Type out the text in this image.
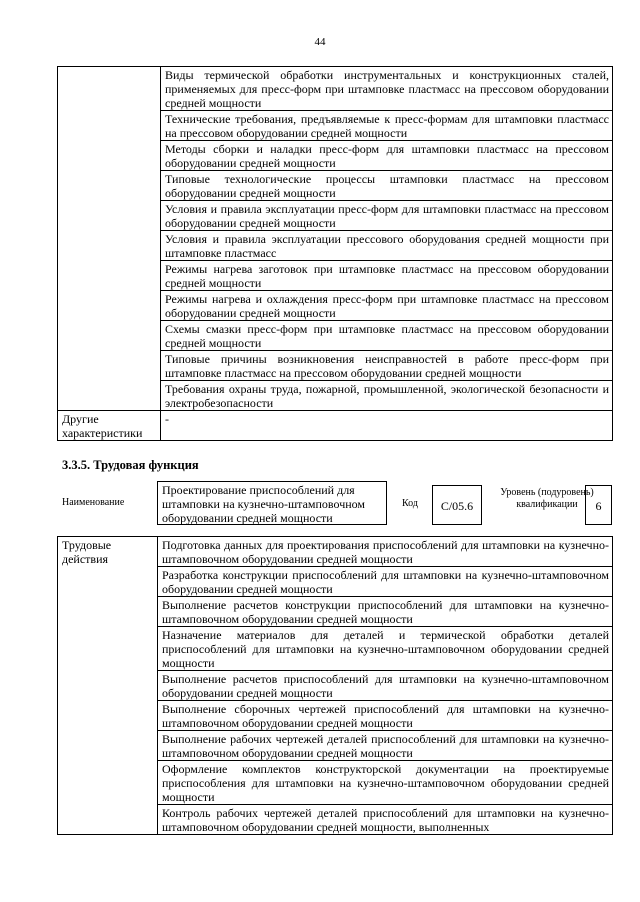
44
	Виды термической обработки инструментальных и конструкционных сталей, применяемых для пресс-форм при штамповке пластмасс на прессовом оборудовании средней мощности
	Технические требования, предъявляемые к пресс-формам для штамповки пластмасс на прессовом оборудовании средней мощности
	Методы сборки и наладки пресс-форм для штамповки пластмасс на прессовом оборудовании средней мощности
	Типовые технологические процессы штамповки пластмасс на прессовом оборудовании средней мощности
	Условия и правила эксплуатации пресс-форм для штамповки пластмасс на прессовом оборудовании средней мощности
	Условия и правила эксплуатации прессового оборудования средней мощности при штамповке пластмасс
	Режимы нагрева заготовок при штамповке пластмасс на прессовом оборудовании средней мощности
	Режимы нагрева и охлаждения пресс-форм при штамповке пластмасс на прессовом оборудовании средней мощности
	Схемы смазки пресс-форм при штамповке пластмасс на прессовом оборудовании средней мощности
	Типовые причины возникновения неисправностей в работе пресс-форм при штамповке пластмасс на прессовом оборудовании средней мощности
	Требования охраны труда, пожарной, промышленной, экологической безопасности и электробезопасности
Другие характеристики	-
3.3.5. Трудовая функция
Наименование
Проектирование приспособлений для штамповки на кузнечно-штамповочном оборудовании средней мощности
Код	С/05.6
Уровень (подуровень) квалификации	6
Трудовые действия	Подготовка данных для проектирования приспособлений для штамповки на кузнечно-штамповочном оборудовании средней мощности
Разработка конструкции приспособлений для штамповки на кузнечно-штамповочном оборудовании средней мощности
Выполнение расчетов конструкции приспособлений для штамповки на кузнечно-штамповочном оборудовании средней мощности
Назначение материалов для деталей и термической обработки деталей приспособлений для штамповки на кузнечно-штамповочном оборудовании средней мощности
Выполнение расчетов приспособлений для штамповки на кузнечно-штамповочном оборудовании средней мощности
Выполнение сборочных чертежей приспособлений для штамповки на кузнечно-штамповочном оборудовании средней мощности
Выполнение рабочих чертежей деталей приспособлений для штамповки на кузнечно-штамповочном оборудовании средней мощности
Оформление комплектов конструкторской документации на проектируемые приспособления для штамповки на кузнечно-штамповочном оборудовании средней мощности
Контроль рабочих чертежей деталей приспособлений для штамповки на кузнечно-штамповочном оборудовании средней мощности, выполненных
